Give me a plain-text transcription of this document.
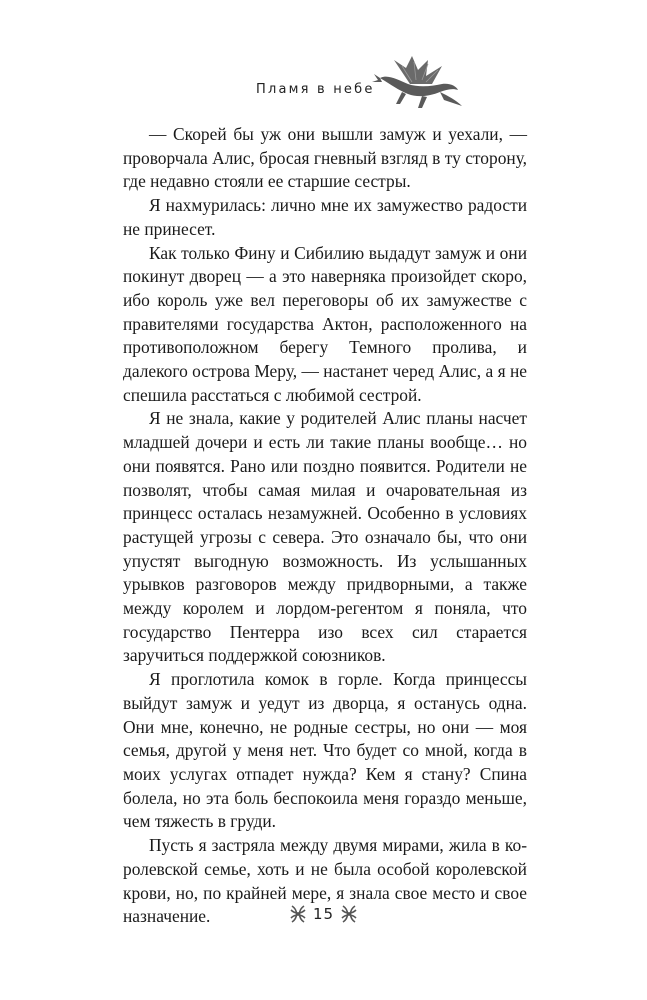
Пламя в небе

— Скорей бы уж они вышли замуж и уехали, — проворчала Алис, бросая гневный взгляд в ту сторону, где недавно стояли ее старшие сестры.

Я нахмурилась: лично мне их замужество радости не принесет.

Как только Фину и Сибилию выдадут замуж и они покинут дворец — а это наверняка произойдет скоро, ибо король уже вел переговоры об их замужестве с правителями государства Актон, расположенного на противоположном берегу Темного пролива, и далекого острова Меру, — настанет черед Алис, а я не спешила расстаться с любимой сестрой.

Я не знала, какие у родителей Алис планы насчет младшей дочери и есть ли такие планы вообще… но они появятся. Рано или поздно появится. Родители не позволят, чтобы самая милая и очаровательная из принцесс осталась незамужней. Особенно в условиях растущей угрозы с севера. Это означало бы, что они упустят выгодную возможность. Из услышанных урывков разговоров между придворными, а также между королем и лордом-регентом я поняла, что государство Пентерра изо всех сил старается заручиться поддержкой союзников.

Я проглотила комок в горле. Когда принцессы выйдут замуж и уедут из дворца, я останусь одна. Они мне, конечно, не родные сестры, но они — моя семья, другой у меня нет. Что будет со мной, когда в моих услугах отпадет нужда? Кем я стану? Спина болела, но эта боль беспокоила меня гораздо меньше, чем тяжесть в груди.

Пусть я застряла между двумя мирами, жила в королевской семье, хоть и не была особой королевской крови, но, по крайней мере, я знала свое место и свое назначение.	15
